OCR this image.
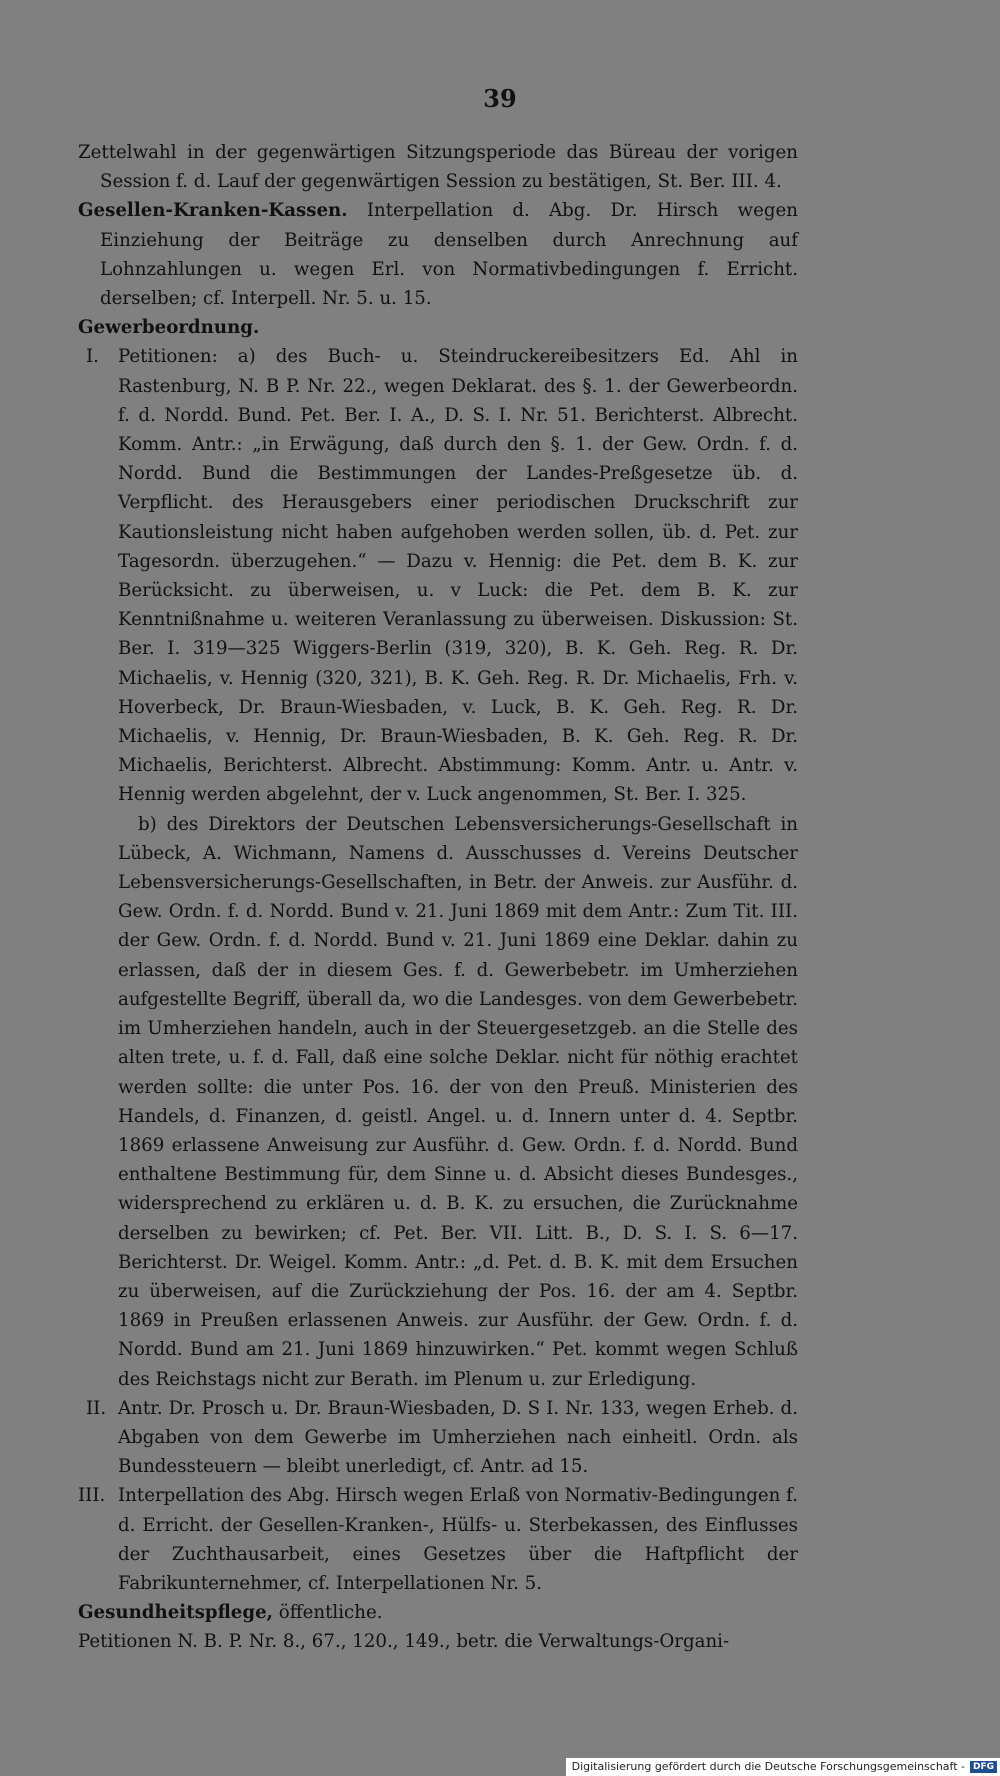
39

Zettelwahl in der gegenwärtigen Sitzungsperiode das Büreau der vorigen Session f. d. Lauf der gegenwärtigen Session zu bestätigen, St. Ber. III. 4.

Gesellen-Kranken-Kassen. Interpellation d. Abg. Dr. Hirsch wegen Einziehung der Beiträge zu denselben durch Anrechnung auf Lohnzahlungen u. wegen Erl. von Normativbedingungen f. Erricht. derselben; cf. Interpell. Nr. 5. u. 15.

Gewerbeordnung.

I. Petitionen: a) des Buch- u. Steindruckereibesitzers Ed. Ahl in Rastenburg, N. B P. Nr. 22., wegen Deklarat. des §. 1. der Gewerbeordn. f. d. Nordd. Bund. Pet. Ber. I. A., D. S. I. Nr. 51. Berichterst. Albrecht. Komm. Antr.: „in Erwägung, daß durch den §. 1. der Gew. Ordn. f. d. Nordd. Bund die Bestimmungen der Landes-Preßgesetze üb. d. Verpflicht. des Herausgebers einer periodischen Druckschrift zur Kautionsleistung nicht haben aufgehoben werden sollen, üb. d. Pet. zur Tagesordn. überzugehen.“ — Dazu v. Hennig: die Pet. dem B. K. zur Berücksicht. zu überweisen, u. v Luck: die Pet. dem B. K. zur Kenntnißnahme u. weiteren Veranlassung zu überweisen. Diskussion: St. Ber. I. 319—325 Wiggers-Berlin (319, 320), B. K. Geh. Reg. R. Dr. Michaelis, v. Hennig (320, 321), B. K. Geh. Reg. R. Dr. Michaelis, Frh. v. Hoverbeck, Dr. Braun-Wiesbaden, v. Luck, B. K. Geh. Reg. R. Dr. Michaelis, v. Hennig, Dr. Braun-Wiesbaden, B. K. Geh. Reg. R. Dr. Michaelis, Berichterst. Albrecht. Abstimmung: Komm. Antr. u. Antr. v. Hennig werden abgelehnt, der v. Luck angenommen, St. Ber. I. 325.

b) des Direktors der Deutschen Lebensversicherungs-Gesellschaft in Lübeck, A. Wichmann, Namens d. Ausschusses d. Vereins Deutscher Lebensversicherungs-Gesellschaften, in Betr. der Anweis. zur Ausführ. d. Gew. Ordn. f. d. Nordd. Bund v. 21. Juni 1869 mit dem Antr.: Zum Tit. III. der Gew. Ordn. f. d. Nordd. Bund v. 21. Juni 1869 eine Deklar. dahin zu erlassen, daß der in diesem Ges. f. d. Gewerbebetr. im Umherziehen aufgestellte Begriff, überall da, wo die Landesges. von dem Gewerbebetr. im Umherziehen handeln, auch in der Steuergesetzgeb. an die Stelle des alten trete, u. f. d. Fall, daß eine solche Deklar. nicht für nöthig erachtet werden sollte: die unter Pos. 16. der von den Preuß. Ministerien des Handels, d. Finanzen, d. geistl. Angel. u. d. Innern unter d. 4. Septbr. 1869 erlassene Anweisung zur Ausführ. d. Gew. Ordn. f. d. Nordd. Bund enthaltene Bestimmung für, dem Sinne u. d. Absicht dieses Bundesges., widersprechend zu erklären u. d. B. K. zu ersuchen, die Zurücknahme derselben zu bewirken; cf. Pet. Ber. VII. Litt. B., D. S. I. S. 6—17. Berichterst. Dr. Weigel. Komm. Antr.: „d. Pet. d. B. K. mit dem Ersuchen zu überweisen, auf die Zurückziehung der Pos. 16. der am 4. Septbr. 1869 in Preußen erlassenen Anweis. zur Ausführ. der Gew. Ordn. f. d. Nordd. Bund am 21. Juni 1869 hinzuwirken.“ Pet. kommt wegen Schluß des Reichstags nicht zur Berath. im Plenum u. zur Erledigung.

II. Antr. Dr. Prosch u. Dr. Braun-Wiesbaden, D. S I. Nr. 133, wegen Erheb. d. Abgaben von dem Gewerbe im Umherziehen nach einheitl. Ordn. als Bundessteuern — bleibt unerledigt, cf. Antr. ad 15.

III. Interpellation des Abg. Hirsch wegen Erlaß von Normativ-Bedingungen f. d. Erricht. der Gesellen-Kranken-, Hülfs- u. Sterbekassen, des Einflusses der Zuchthausarbeit, eines Gesetzes über die Haftpflicht der Fabrikunternehmer, cf. Interpellationen Nr. 5.

Gesundheitspflege, öffentliche.

Petitionen N. B. P. Nr. 8., 67., 120., 149., betr. die Verwaltungs-Organi-

Digitalisierung gefördert durch die Deutsche Forschungsgemeinschaft - DFG
